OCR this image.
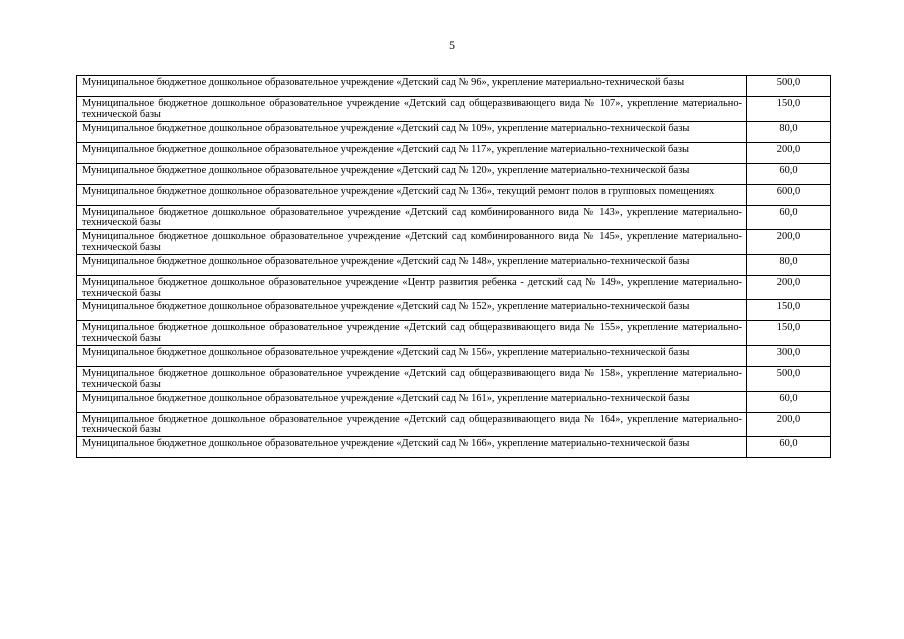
5
Муниципальное бюджетное дошкольное образовательное учреждение «Детский сад № 96», укрепление материально-технической базы	500,0
Муниципальное бюджетное дошкольное образовательное учреждение «Детский сад общеразвивающего вида № 107», укрепление материально-технической базы	150,0
Муниципальное бюджетное дошкольное образовательное учреждение «Детский сад № 109», укрепление материально-технической базы	80,0
Муниципальное бюджетное дошкольное образовательное учреждение «Детский сад № 117», укрепление материально-технической базы	200,0
Муниципальное бюджетное дошкольное образовательное учреждение «Детский сад № 120», укрепление материально-технической базы	60,0
Муниципальное бюджетное дошкольное образовательное учреждение «Детский сад № 136», текущий ремонт полов в групповых помещениях	600,0
Муниципальное бюджетное дошкольное образовательное учреждение «Детский сад комбинированного вида № 143», укрепление материально-технической базы	60,0
Муниципальное бюджетное дошкольное образовательное учреждение «Детский сад комбинированного вида № 145», укрепление материально-технической базы	200,0
Муниципальное бюджетное дошкольное образовательное учреждение «Детский сад № 148», укрепление материально-технической базы	80,0
Муниципальное бюджетное дошкольное образовательное учреждение «Центр развития ребенка - детский сад № 149», укрепление материально-технической базы	200,0
Муниципальное бюджетное дошкольное образовательное учреждение «Детский сад № 152», укрепление материально-технической базы	150,0
Муниципальное бюджетное дошкольное образовательное учреждение «Детский сад общеразвивающего вида № 155», укрепление материально-технической базы	150,0
Муниципальное бюджетное дошкольное образовательное учреждение «Детский сад № 156», укрепление материально-технической базы	300,0
Муниципальное бюджетное дошкольное образовательное учреждение «Детский сад общеразвивающего вида № 158», укрепление материально-технической базы	500,0
Муниципальное бюджетное дошкольное образовательное учреждение «Детский сад № 161», укрепление материально-технической базы	60,0
Муниципальное бюджетное дошкольное образовательное учреждение «Детский сад общеразвивающего вида № 164», укрепление материально-технической базы	200,0
Муниципальное бюджетное дошкольное образовательное учреждение «Детский сад № 166», укрепление материально-технической базы	60,0
